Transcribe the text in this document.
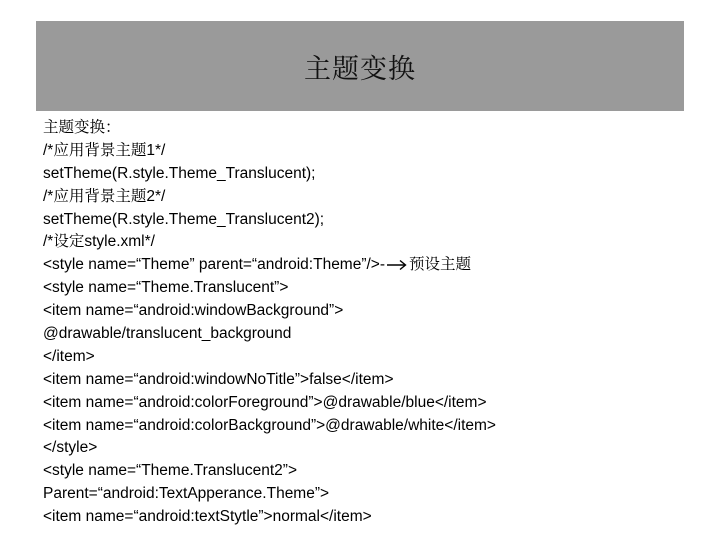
主题变换
主题变换：
/*应用背景主题1*/
setTheme(R.style.Theme_Translucent);
/*应用背景主题2*/
setTheme(R.style.Theme_Translucent2);
/*设定style.xml*/
<style name=“Theme” parent=“android:Theme”/>- 预设主题
<style name=“Theme.Translucent”>
<item name=“android:windowBackground”>
@drawable/translucent_background
</item>
<item name=“android:windowNoTitle”>false</item>
<item name=“android:colorForeground”>@drawable/blue</item>
<item name=“android:colorBackground”>@drawable/white</item>
</style>
<style name=“Theme.Translucent2”>
Parent=“android:TextApperance.Theme”>
<item name=“android:textStytle”>normal</item>
